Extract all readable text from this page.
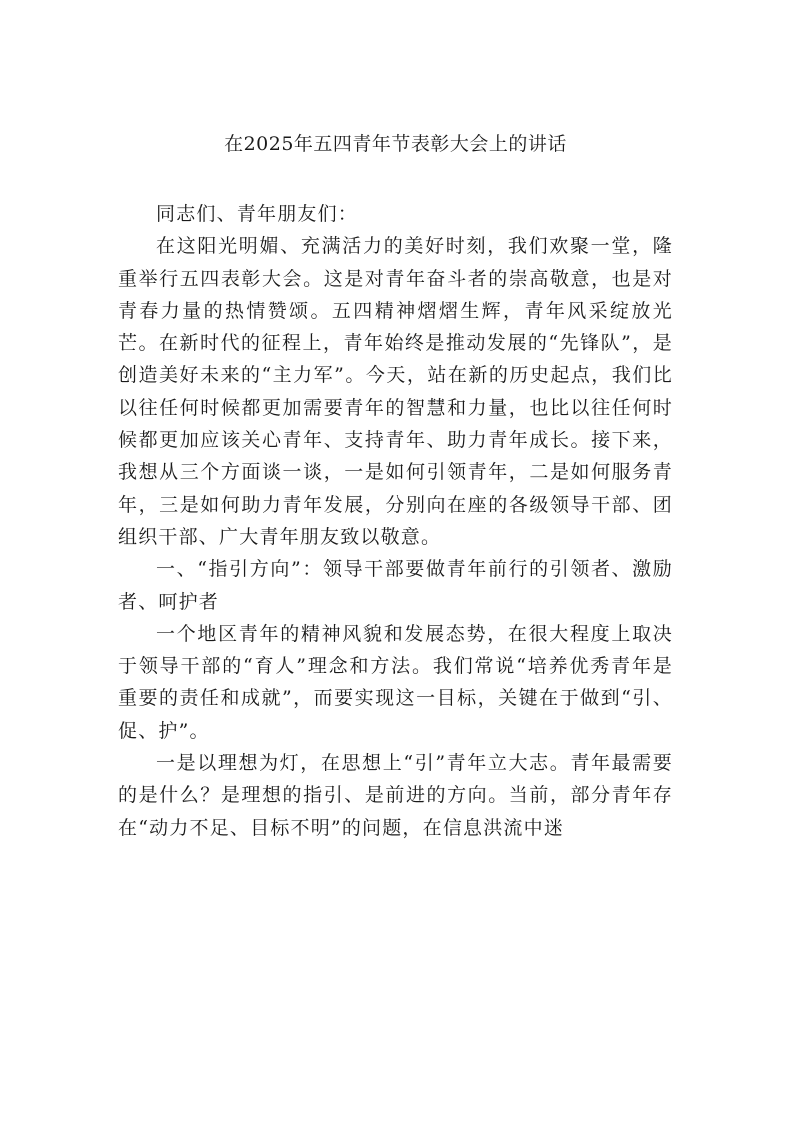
在2025年五四青年节表彰大会上的讲话

同志们、青年朋友们：

在这阳光明媚、充满活力的美好时刻，我们欢聚一堂，隆重举行五四表彰大会。这是对青年奋斗者的崇高敬意，也是对青春力量的热情赞颂。五四精神熠熠生辉，青年风采绽放光芒。在新时代的征程上，青年始终是推动发展的“先锋队”，是创造美好未来的“主力军”。今天，站在新的历史起点，我们比以往任何时候都更加需要青年的智慧和力量，也比以往任何时候都更加应该关心青年、支持青年、助力青年成长。接下来，我想从三个方面谈一谈，一是如何引领青年，二是如何服务青年，三是如何助力青年发展，分别向在座的各级领导干部、团组织干部、广大青年朋友致以敬意。

一、“指引方向”：领导干部要做青年前行的引领者、激励者、呵护者

一个地区青年的精神风貌和发展态势，在很大程度上取决于领导干部的“育人”理念和方法。我们常说“培养优秀青年是重要的责任和成就”，而要实现这一目标，关键在于做到“引、促、护”。

一是以理想为灯，在思想上“引”青年立大志。青年最需要的是什么？是理想的指引、是前进的方向。当前，部分青年存在“动力不足、目标不明”的问题，在信息洪流中迷
